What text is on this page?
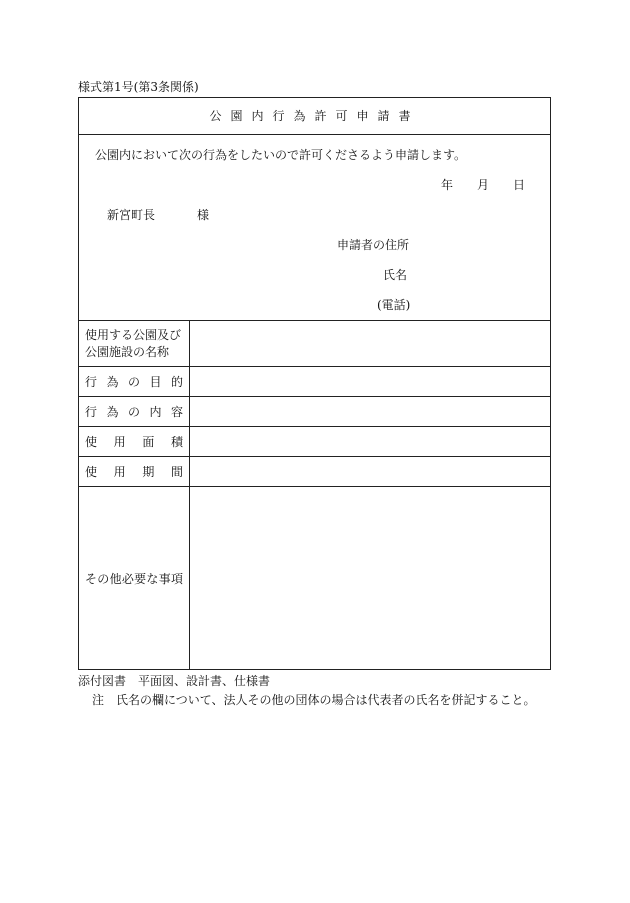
様式第1号(第3条関係)
公園内行為許可申請書
公園内において次の行為をしたいので許可くださるよう申請します。
年 月 日
新宮町長	様
申請者の住所
氏名
(電話)
使用する公園及び
公園施設の名称
行 為 の 目 的
行 為 の 内 容
使 用 面 積
使 用 期 間
そ の 他 必 要 な 事 項
添付図書　平面図、設計書、仕様書
注　氏名の欄について、法人その他の団体の場合は代表者の氏名を併記すること。
